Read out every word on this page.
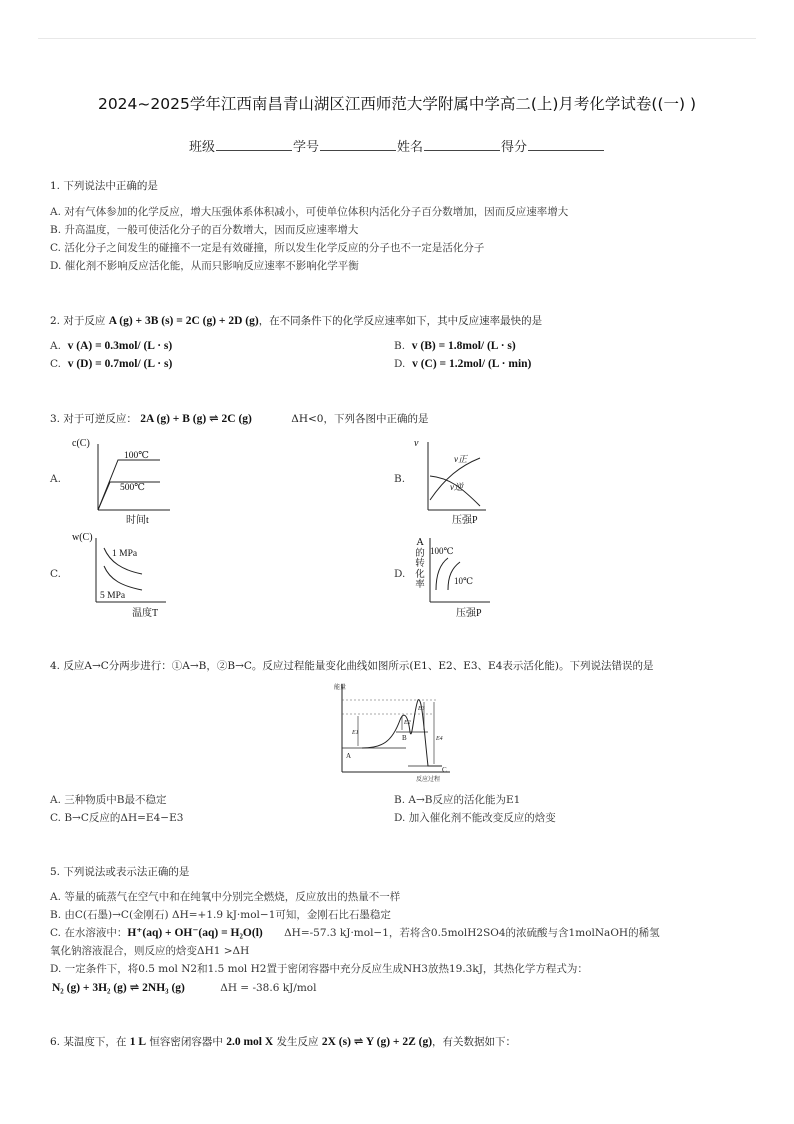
2024~2025学年江西南昌青山湖区江西师范大学附属中学高二(上)月考化学试卷((一) )
班级	学号	姓名	得分
1. 下列说法中正确的是
A. 对有气体参加的化学反应，增大压强体系体积减小，可使单位体积内活化分子百分数增加，因而反应速率增大
B. 升高温度，一般可使活化分子的百分数增大，因而反应速率增大
C. 活化分子之间发生的碰撞不一定是有效碰撞，所以发生化学反应的分子也不一定是活化分子
D. 催化剂不影响反应活化能，从而只影响反应速率不影响化学平衡
2. 对于反应 A (g) + 3B (s) = 2C (g) + 2D (g)，在不同条件下的化学反应速率如下，其中反应速率最快的是
A. v (A) = 0.3mol/ (L · s)	B. v (B) = 1.8mol/ (L · s)
C. v (D) = 0.7mol/ (L · s)	D. v (C) = 1.2mol/ (L · min)
3. 对于可逆反应： 2A (g) + B (g) ⇌ 2C (g)	ΔH<0，下列各图中正确的是
A.	B.
C.	D.
c(C)
100℃
500℃
时间t
v
v正
v逆
压强P
w(C)
1 MPa
5 MPa
温度T
A的转化率
100℃
10℃
压强P
4. 反应A→C分两步进行：①A→B，②B→C。反应过程能量变化曲线如图所示(E1、E2、E3、E4表示活化能)。下列说法错误的是
能量
E1
E2
E3
E4
A
B
C
反应过程
A. 三种物质中B最不稳定	B. A→B反应的活化能为E1
C. B→C反应的ΔH=E4−E3	D. 加入催化剂不能改变反应的焓变
5. 下列说法或表示法正确的是
A. 等量的硫蒸气在空气中和在纯氧中分别完全燃烧，反应放出的热量不一样
B. 由C(石墨)→C(金刚石) ΔH=+1.9 kJ·mol−1可知，金刚石比石墨稳定
C. 在水溶液中：H⁺(aq) + OH⁻(aq) = H₂O(l) ΔH=-57.3 kJ·mol−1，若将含0.5molH2SO4的浓硫酸与含1molNaOH的稀氢
氧化钠溶液混合，则反应的焓变ΔH1 >ΔH
D. 一定条件下，将0.5 mol N2和1.5 mol H2置于密闭容器中充分反应生成NH3放热19.3kJ，其热化学方程式为：
N₂ (g) + 3H₂ (g) ⇌ 2NH₃ (g)	ΔH = -38.6 kJ/mol
6. 某温度下，在 1 L 恒容密闭容器中 2.0 mol X 发生反应 2X (s) ⇌ Y (g) + 2Z (g)，有关数据如下：
